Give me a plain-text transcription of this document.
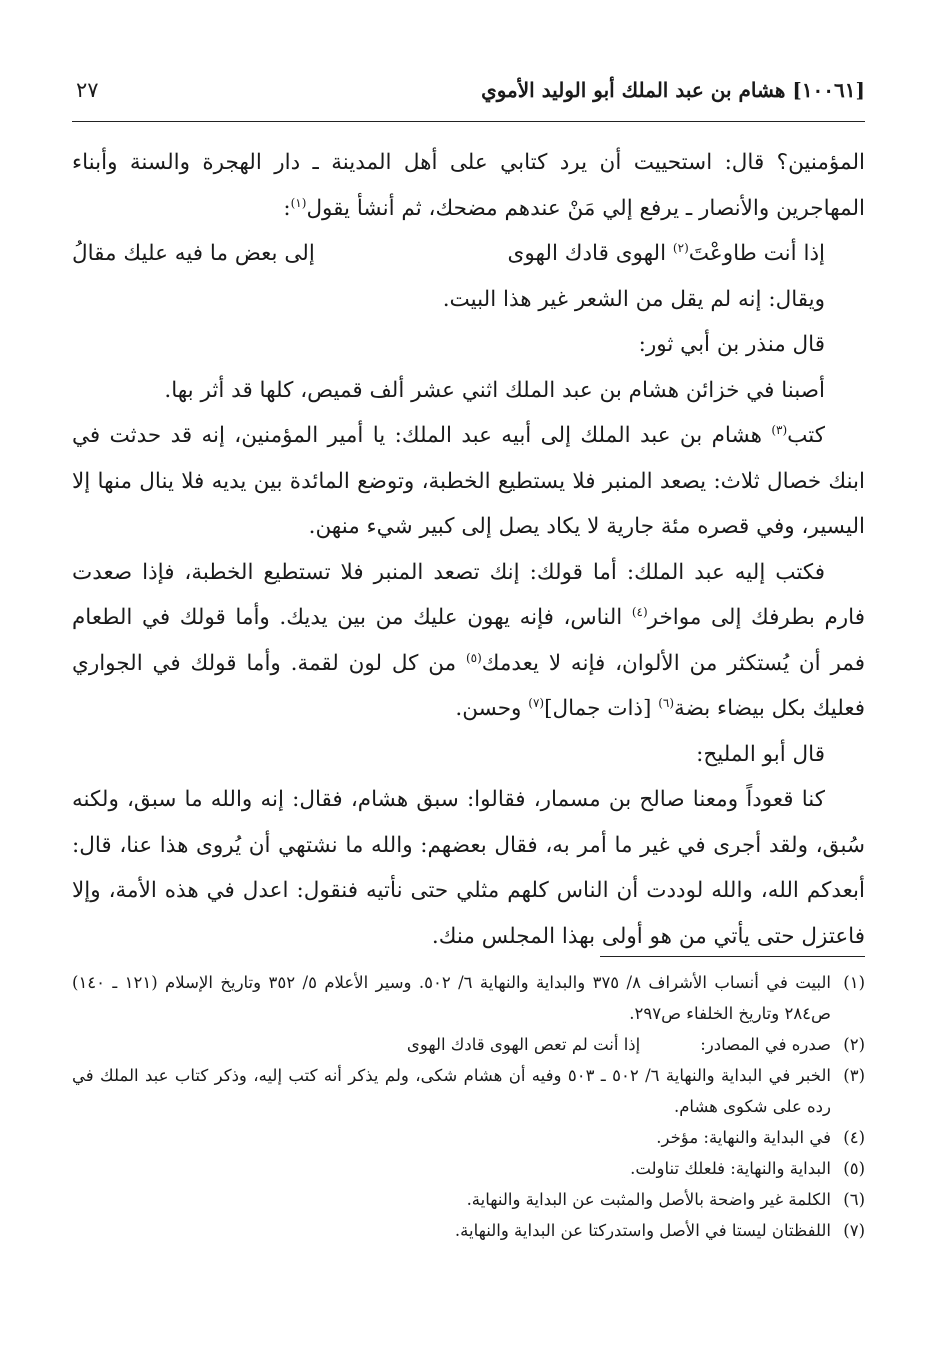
٢٧	[١٠٠٦١] هشام بن عبد الملك أبو الوليد الأموي

المؤمنين؟ قال: استحييت أن يرد كتابي على أهل المدينة ـ دار الهجرة والسنة وأبناء المهاجرين والأنصار ـ يرفع إلي مَنْ عندهم مضحك، ثم أنشأ يقول$^{(١)}$:

إذا أنت طاوعْتَ$^{(٢)}$ الهوى قادك الهوى
إلى بعض ما فيه عليك مقالُ

ويقال: إنه لم يقل من الشعر غير هذا البيت.

قال منذر بن أبي ثور:

أصبنا في خزائن هشام بن عبد الملك اثني عشر ألف قميص، كلها قد أثر بها.

كتب$^{(٣)}$ هشام بن عبد الملك إلى أبيه عبد الملك: يا أمير المؤمنين، إنه قد حدثت في ابنك خصال ثلاث: يصعد المنبر فلا يستطيع الخطبة، وتوضع المائدة بين يديه فلا ينال منها إلا اليسير، وفي قصره مئة جارية لا يكاد يصل إلى كبير شيء منهن.

فكتب إليه عبد الملك: أما قولك: إنك تصعد المنبر فلا تستطيع الخطبة، فإذا صعدت فارم بطرفك إلى مواخر$^{(٤)}$ الناس، فإنه يهون عليك من بين يديك. وأما قولك في الطعام فمر أن يُستكثر من الألوان، فإنه لا يعدمك$^{(٥)}$ من كل لون لقمة. وأما قولك في الجواري فعليك بكل بيضاء بضة$^{(٦)}$ [ذات جمال]$^{(٧)}$ وحسن.

قال أبو المليح:

كنا قعوداً ومعنا صالح بن مسمار، فقالوا: سبق هشام، فقال: إنه والله ما سبق، ولكنه سُبق، ولقد أجرى في غير ما أمر به، فقال بعضهم: والله ما نشتهي أن يُروى هذا عنا، قال: أبعدكم الله، والله لوددت أن الناس كلهم مثلي حتى نأتيه فنقول: اعدل في هذه الأمة، وإلا فاعتزل حتى يأتي من هو أولى بهذا المجلس منك.

(١)
البيت في أنساب الأشراف ٨/ ٣٧٥ والبداية والنهاية ٦/ ٥٠٢. وسير الأعلام ٥/ ٣٥٢ وتاريخ الإسلام (١٢١ ـ ١٤٠) ص٢٨٤ وتاريخ الخلفاء ص٢٩٧.
(٢)
صدره في المصادر:
إذا أنت لم تعص الهوى قادك الهوى
(٣)
الخبر في البداية والنهاية ٦/ ٥٠٢ ـ ٥٠٣ وفيه أن هشام شكى، ولم يذكر أنه كتب إليه، وذكر كتاب عبد الملك في رده على شكوى هشام.
(٤)
في البداية والنهاية: مؤخر.
(٥)
البداية والنهاية: فلعلك تناولت.
(٦)
الكلمة غير واضحة بالأصل والمثبت عن البداية والنهاية.
(٧)
اللفظتان ليستا في الأصل واستدركتا عن البداية والنهاية.
